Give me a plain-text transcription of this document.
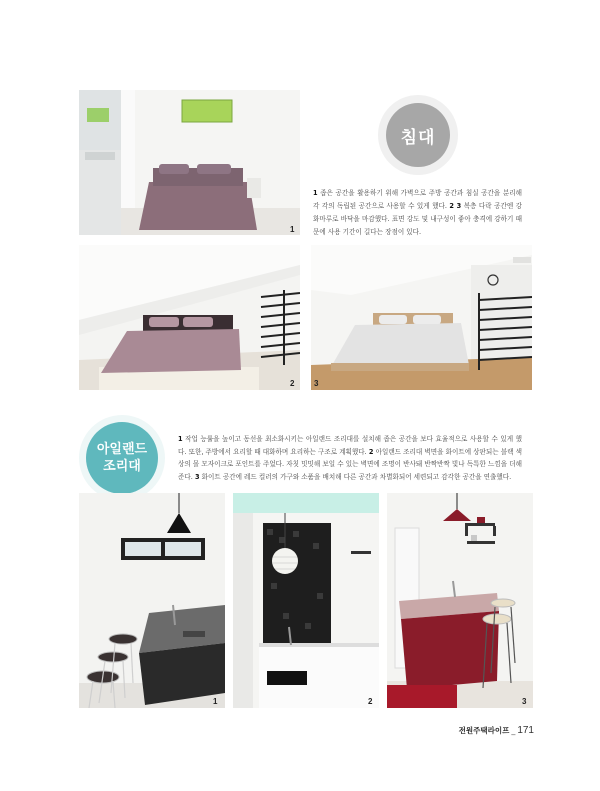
1
침대
1 좁은 공간을 활용하기 위해 가벽으로 주방 공간과 침실 공간을 분리해 각 각의 독립된 공간으로 사용할 수 있게 했다. 2 3 복층 다락 공간엔 강화마루로 바닥을 마감했다. 표면 강도 및 내구성이 좋아 충격에 강하기 때문에 사용 기간이 길다는 장점이 있다.
2 3
아일랜드
조리대
1 작업 능률을 높이고 동선을 최소화시키는 아일랜드 조리대를 설치해 좁은 공간을 보다 효율적으로 사용할 수 있게 했다. 또한, 주방에서 요리할 때 대화하며 요리하는 구조로 계획했다. 2 아일랜드 조리대 벽면을 화이트에 상판되는 블랙 색상의 몰 모자이크로 포인트를 주었다. 자칫 밋밋해 보일 수 있는 벽면에 조명이 반사돼 반짝반짝 빛나 독특한 느낌을 더해준다. 3 화이트 공간에 레드 컬러의 가구와 소품을 배치해 다른 공간과 차별화되어 세련되고 감각한 공간을 연출했다.
1	2	3
전원주택라이프 _ 171
